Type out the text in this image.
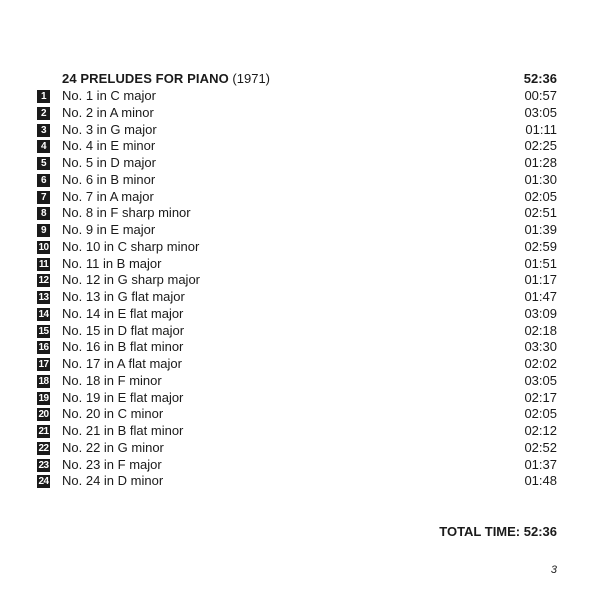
24 PRELUDES FOR PIANO (1971)	52:36
1	No. 1 in C major	00:57
2	No. 2 in A minor	03:05
3	No. 3 in G major	01:11
4	No. 4 in E minor	02:25
5	No. 5 in D major	01:28
6	No. 6 in B minor	01:30
7	No. 7 in A major	02:05
8	No. 8 in F sharp minor	02:51
9	No. 9 in E major	01:39
10 No. 10 in C sharp minor	02:59
11 No. 11 in B major	01:51
12 No. 12 in G sharp major	01:17
13 No. 13 in G flat major	01:47
14 No. 14 in E flat major	03:09
15 No. 15 in D flat major	02:18
16 No. 16 in B flat minor	03:30
17 No. 17 in A flat major	02:02
18 No. 18 in F minor	03:05
19 No. 19 in E flat major	02:17
20 No. 20 in C minor	02:05
21 No. 21 in B flat minor	02:12
22 No. 22 in G minor	02:52
23 No. 23 in F major	01:37
24 No. 24 in D minor	01:48
TOTAL TIME: 52:36
3
